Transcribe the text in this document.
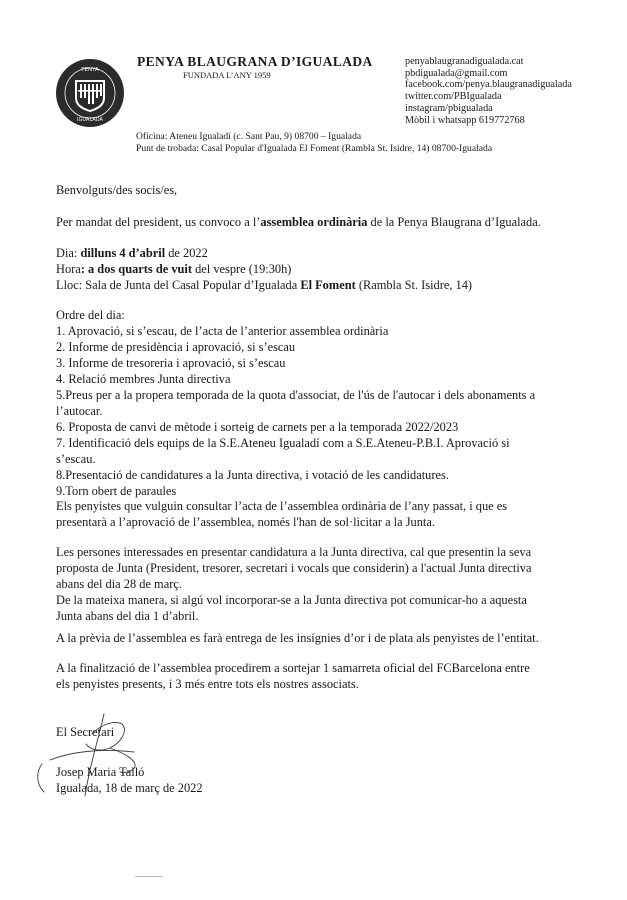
PENYA
IGUALADA
PENYA BLAUGRANA D’IGUALADA
FUNDADA L’ANY 1959
penyablaugranadigualada.cat
pbdigualada@gmail.com
facebook.com/penya.blaugranadigualada
twitter.com/PBIgualada
instagram/pbigualada
Mòbil i whatsapp 619772768
Oficina: Ateneu Igualadí (c. Sant Pau, 9) 08700 – Igualada
Punt de trobada: Casal Popular d'Igualada El Foment (Rambla St. Isidre, 14) 08700-Igualada
Benvolguts/des socis/es,
Per mandat del president, us convoco a l’assemblea ordinària de la Penya Blaugrana d’Igualada.
Dia: dilluns 4 d’abril de 2022
Hora: a dos quarts de vuit del vespre (19:30h)
Lloc: Sala de Junta del Casal Popular d’Igualada El Foment (Rambla St. Isidre, 14)
Ordre del dia:
1. Aprovació, si s’escau, de l’acta de l’anterior assemblea ordinària
2. Informe de presidència i aprovació, si s’escau
3. Informe de tresoreria i aprovació, si s’escau
4. Relació membres Junta directiva
5.Preus per a la propera temporada de la quota d'associat, de l'ús de l'autocar i dels abonaments a
l’autocar.
6. Proposta de canvi de mètode i sorteig de carnets per a la temporada 2022/2023
7. Identificació dels equips de la S.E.Ateneu Igualadí com a S.E.Ateneu-P.B.I. Aprovació si
s’escau.
8.Presentació de candidatures a la Junta directiva, i votació de les candidatures.
9.Torn obert de paraules
Els penyistes que vulguin consultar l’acta de l’assemblea ordinària de l’any passat, i que es
presentarà a l’aprovació de l’assemblea, només l'han de sol·licitar a la Junta.
Les persones interessades en presentar candidatura a la Junta directiva, cal que presentin la seva
proposta de Junta (President, tresorer, secretari i vocals que considerin) a l'actual Junta directiva
abans del dia 28 de març.
De la mateixa manera, si algú vol incorporar-se a la Junta directiva pot comunicar-ho a aquesta
Junta abans del dia 1 d’abril.
A la prèvia de l’assemblea es farà entrega de les insígnies d’or i de plata als penyistes de l’entitat.
A la finalització de l’assemblea procedirem a sortejar 1 samarreta oficial del FCBarcelona entre
els penyistes presents, i 3 més entre tots els nostres associats.
El Secretari
Josep Maria Talló
Igualada, 18 de març de 2022
